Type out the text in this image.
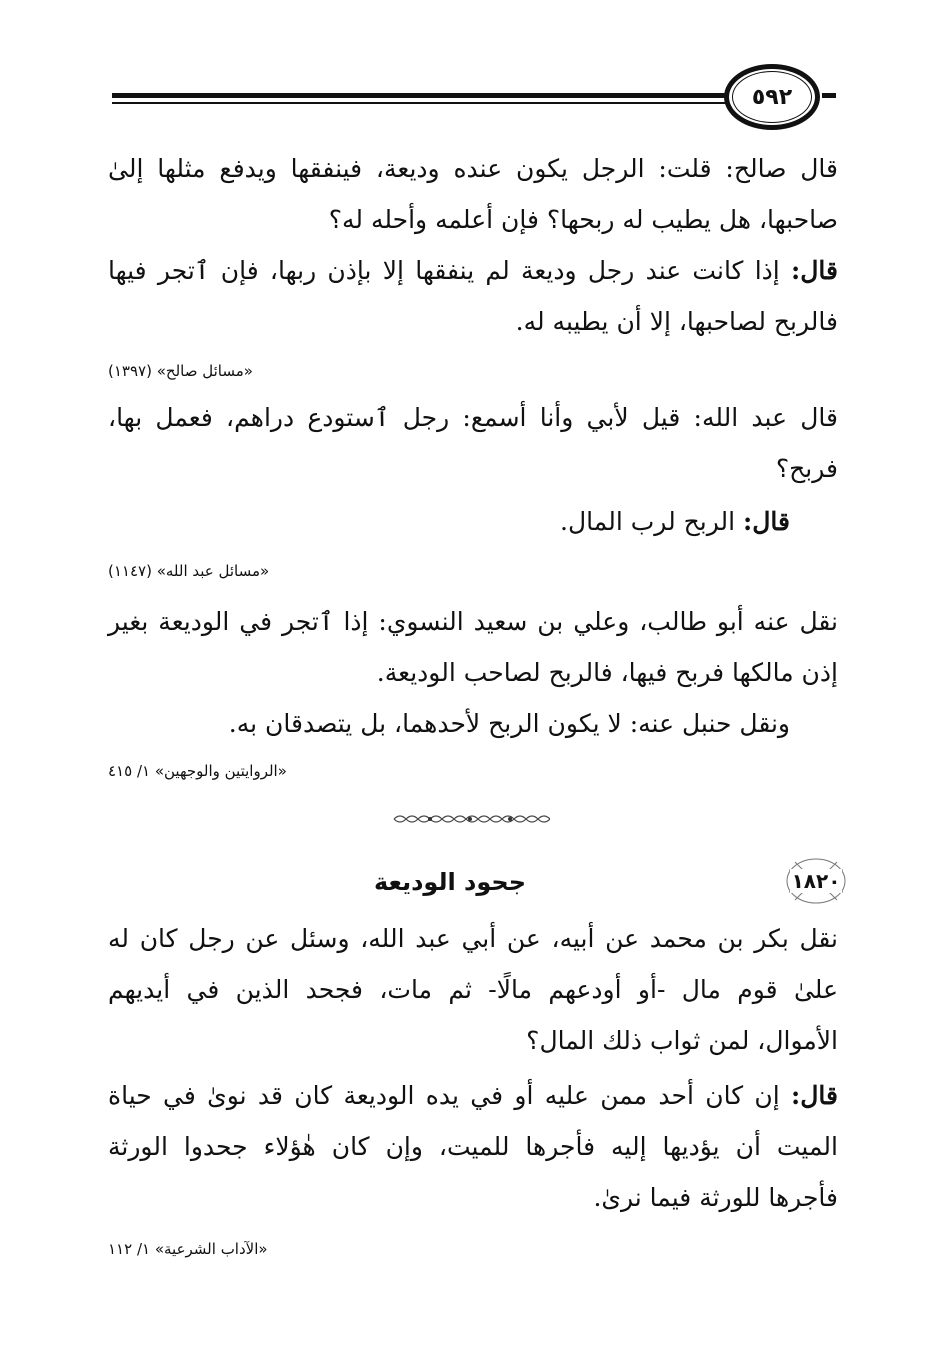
٥٩٢
قال صالح: قلت: الرجل يكون عنده وديعة، فينفقها ويدفع مثلها إلىٰ
صاحبها، هل يطيب له ربحها؟ فإن أعلمه وأحله له؟
قال: إذا كانت عند رجل وديعة لم ينفقها إلا بإذن ربها، فإن ٱتجر فيها
فالربح لصاحبها، إلا أن يطيبه له.
«مسائل صالح» (١٣٩٧)
قال عبد الله: قيل لأبي وأنا أسمع: رجل ٱستودع دراهم، فعمل بها،
فربح؟
قال: الربح لرب المال.
«مسائل عبد الله» (١١٤٧)
نقل عنه أبو طالب، وعلي بن سعيد النسوي: إذا ٱتجر في الوديعة بغير
إذن مالكها فربح فيها، فالربح لصاحب الوديعة.
ونقل حنبل عنه: لا يكون الربح لأحدهما، بل يتصدقان به.
«الروايتين والوجهين» ١/ ٤١٥
جحود الوديعة	١٨٢٠
نقل بكر بن محمد عن أبيه، عن أبي عبد الله، وسئل عن رجل كان له
علىٰ قوم مال -أو أودعهم مالًا- ثم مات، فجحد الذين في أيديهم
الأموال، لمن ثواب ذلك المال؟
قال: إن كان أحد ممن عليه أو في يده الوديعة كان قد نوىٰ في حياة
الميت أن يؤديها إليه فأجرها للميت، وإن كان هٰؤلاء جحدوا الورثة
فأجرها للورثة فيما نرىٰ.
«الآداب الشرعية» ١/ ١١٢
